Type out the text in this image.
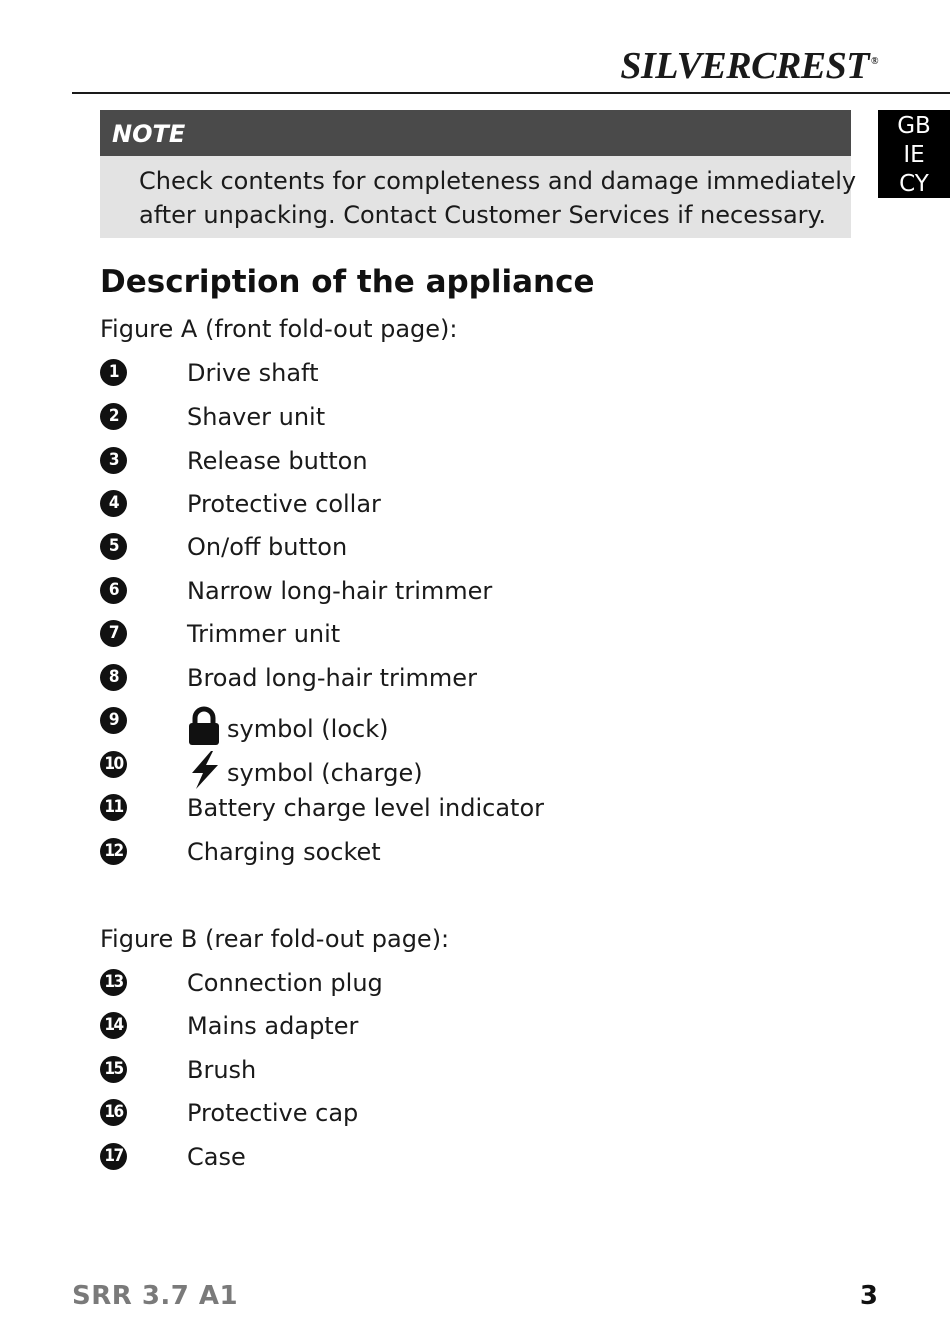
SILVERCREST ®
GB
IE
CY
NOTE
Check contents for completeness and damage immediately
after unpacking. Contact Customer Services if necessary.
Description of the appliance
Figure A (front fold-out page):
1	Drive shaft
2	Shaver unit
3	Release button
4	Protective collar
5	On/off button
6	Narrow long-hair trimmer
7	Trimmer unit
8	Broad long-hair trimmer
9	symbol (lock)
10	symbol (charge)
11	Battery charge level indicator
12	Charging socket
Figure B (rear fold-out page):
13	Connection plug
14	Mains adapter
15	Brush
16	Protective cap
17	Case
SRR 3.7 A1	3
